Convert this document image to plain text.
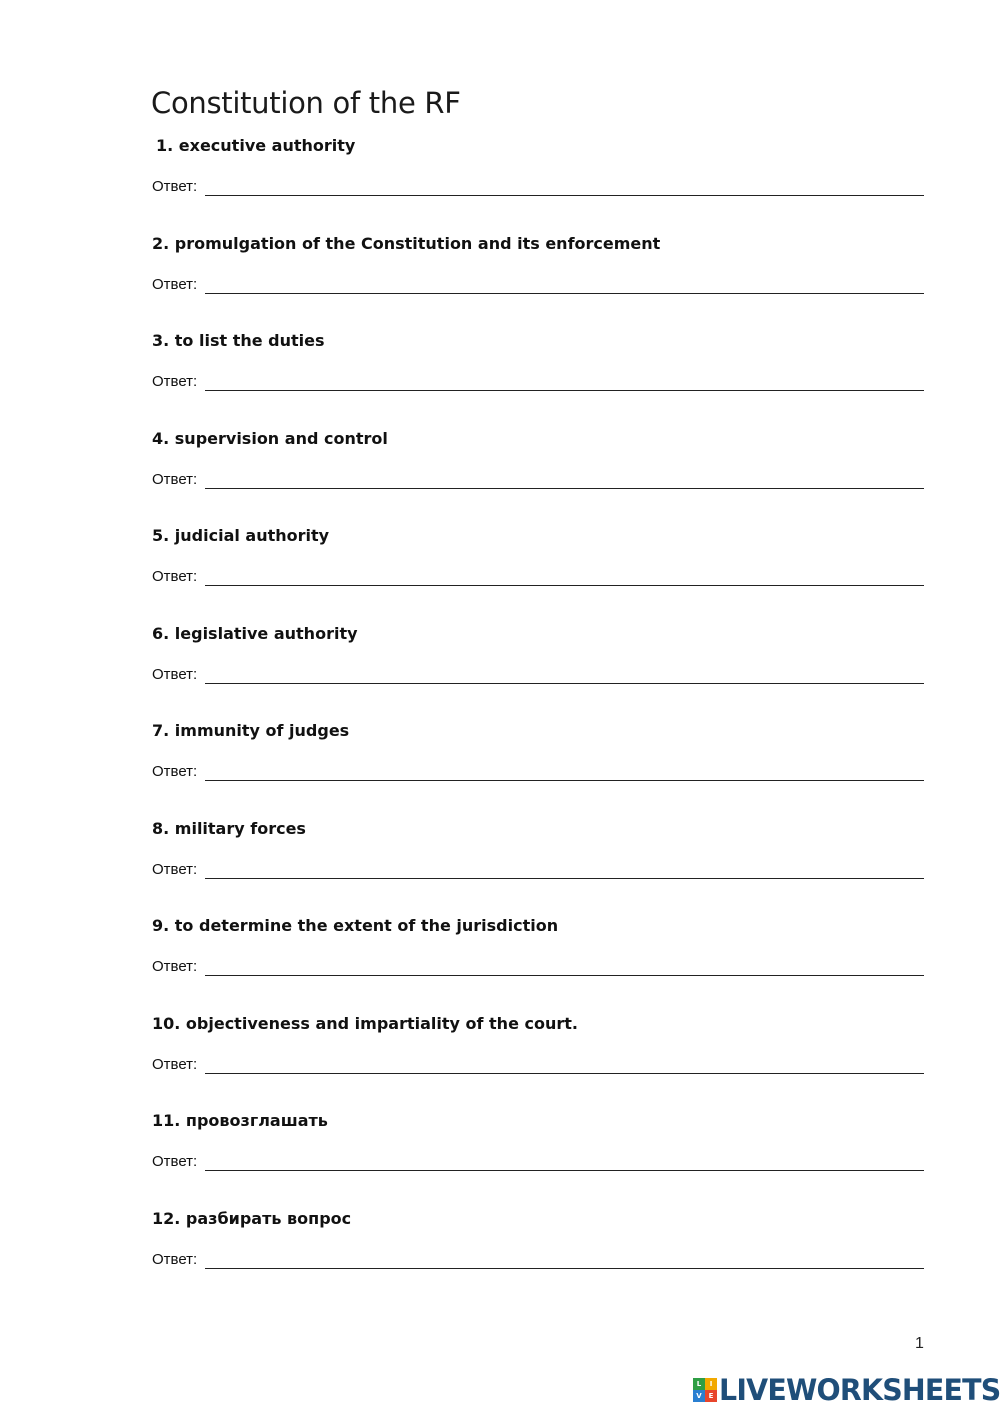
Constitution of the RF
1. executive authority
Ответ:
2. promulgation of the Constitution and its enforcement
Ответ:
3. to list the duties
Ответ:
4. supervision and control
Ответ:
5. judicial authority
Ответ:
6. legislative authority
Ответ:
7. immunity of judges
Ответ:
8. military forces
Ответ:
9. to determine the extent of the jurisdiction
Ответ:
10. objectiveness and impartiality of the court.
Ответ:
11. провозглашать
Ответ:
12. разбирать вопрос
Ответ:
1
L	I
V E LIVEWORKSHEETS
